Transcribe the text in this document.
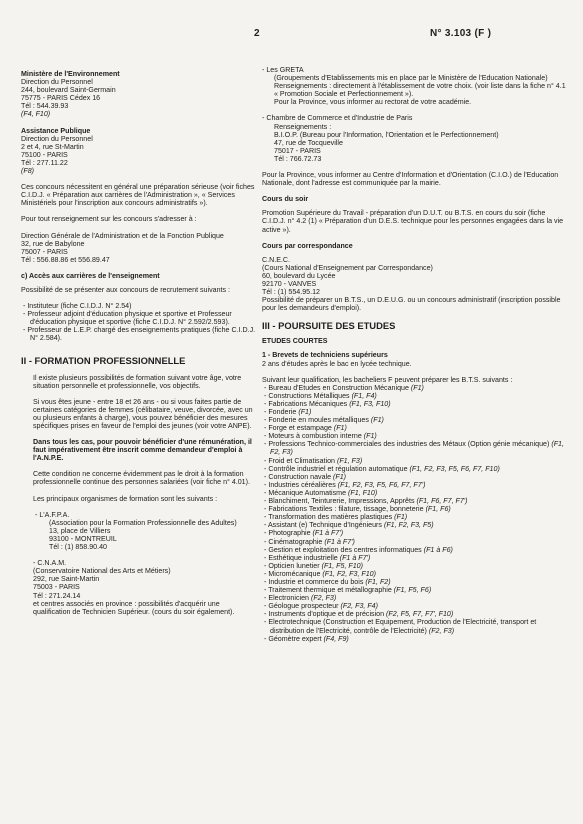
2	N° 3.103 (F )
Ministère de l'Environnement
Direction du Personnel
244, boulevard Saint-Germain
75775 - PARIS Cédex 16
Tél : 544.39.93
(F4, F10)
Assistance Publique
Direction du Personnel
2 et 4, rue St-Martin
75100 - PARIS
Tél : 277.11.22
(F8)

Ces concours nécessitent en général une préparation sérieuse (voir fiches C.I.D.J. « Préparation aux carrières de l'Administration », « Services Ministériels pour l'inscription aux concours administratifs »).

Pour tout renseignement sur les concours s'adresser à :

Direction Générale de l'Administration et de la Fonction Publique
32, rue de Babylone
75007 - PARIS
Tél : 556.88.86 et 556.89.47
c) Accès aux carrières de l'enseignement

Possibilité de se présenter aux concours de recrutement suivants :

- Instituteur (fiche C.I.D.J. N° 2.54)
- Professeur adjoint d'éducation physique et sportive et Professeur d'éducation physique et sportive (fiche C.I.D.J. N° 2.592/2.593).
- Professeur de L.E.P. chargé des enseignements pratiques (fiche C.I.D.J. N° 2.584).
II - FORMATION PROFESSIONNELLE

Il existe plusieurs possibilités de formation suivant votre âge, votre situation personnelle et professionnelle, vos objectifs.

Si vous êtes jeune - entre 18 et 26 ans - ou si vous faites partie de certaines catégories de femmes (célibataire, veuve, divorcée, avec un ou plusieurs enfants à charge), vous pouvez bénéficier des mesures spécifiques prises en faveur de l'emploi des jeunes (voir votre ANPE).

Dans tous les cas, pour pouvoir bénéficier d'une rémunération, il faut impérativement être inscrit comme demandeur d'emploi à l'A.N.P.E.

Cette condition ne concerne évidemment pas le droit à la formation professionnelle continue des personnes salariées (voir fiche n° 4.01).

Les principaux organismes de formation sont les suivants :

- L'A.F.P.A.
(Association pour la Formation Professionnelle des Adultes)
13, place de Villiers
93100 - MONTREUIL
Tél : (1) 858.90.40
- C.N.A.M.
(Conservatoire National des Arts et Métiers)
292, rue Saint-Martin
75003 - PARIS
Tél : 271.24.14
et centres associés en province : possibilités d'acquérir une qualification de Technicien Supérieur. (cours du soir également).
- Les GRETA
(Groupements d'Etablissements mis en place par le Ministère de l'Education Nationale) Renseignements : directement à l'établissement de votre choix. (voir liste dans la fiche n° 4.1 « Promotion Sociale et Perfectionnement »).
Pour la Province, vous informer au rectorat de votre académie.
- Chambre de Commerce et d'Industrie de Paris
Renseignements :
B.I.O.P. (Bureau pour l'Information, l'Orientation et le Perfectionnement)
47, rue de Tocqueville
75017 - PARIS
Tél : 766.72.73

Pour la Province, vous informer au Centre d'Information et d'Orientation (C.I.O.) de l'Education Nationale, dont l'adresse est communiquée par la mairie.

Cours du soir

Promotion Supérieure du Travail - préparation d'un D.U.T. ou B.T.S. en cours du soir (fiche C.I.D.J. n° 4.2 (1) « Préparation d'un D.E.S. technique pour les personnes engagées dans la vie active »).

Cours par correspondance
C.N.E.C.
(Cours National d'Enseignement par Correspondance)
60, boulevard du Lycée
92170 - VANVES
Tél : (1) 554.95.12
Possibilité de préparer un B.T.S., un D.E.U.G. ou un concours administratif (inscription possible pour les demandeurs d'emploi).
III - POURSUITE DES ETUDES
ETUDES COURTES
1 - Brevets de techniciens supérieurs

2 ans d'études après le bac en lycée technique.

Suivant leur qualification, les bacheliers F peuvent préparer les B.T.S. suivants :

- Bureau d'Etudes en Construction Mécanique (F1)
- Constructions Métalliques (F1, F4)
- Fabrications Mécaniques (F1, F3, F10)
- Fonderie (F1)
- Fonderie en moules métalliques (F1)
- Forge et estampage (F1)
- Moteurs à combustion interne (F1)
- Professions Technico-commerciales des industries des Métaux (Option génie mécanique) (F1, F2, F3)
- Froid et Climatisation (F1, F3)
- Contrôle industriel et régulation automatique (F1, F2, F3, F5, F6, F7, F10)
- Construction navale (F1)
- Industries céréalières (F1, F2, F3, F5, F6, F7, F7')
- Mécanique Automatisme (F1, F10)
- Blanchiment, Teinturerie, Impressions, Apprêts (F1, F6, F7, F7')
- Fabrications Textiles : filature, tissage, bonneterie (F1, F6)
- Transformation des matières plastiques (F1)
- Assistant (e) Technique d'Ingénieurs (F1, F2, F3, F5)
- Photographie (F1 à F7')
- Cinématographie (F1 à F7')
- Gestion et exploitation des centres informatiques (F1 à F6)
- Esthétique industrielle (F1 à F7')
- Opticien lunetier (F1, F5, F10)
- Micromécanique (F1, F2, F3, F10)
- Industrie et commerce du bois (F1, F2)
- Traitement thermique et métallographie (F1, F5, F6)
- Electronicien (F2, F3)
- Géologue prospecteur (F2, F3, F4)
- Instruments d'optique et de précision (F2, F5, F7, F7', F10)
- Electrotechnique (Construction et Equipement, Production de l'Electricité, transport et distribution de l'Electricité, contrôle de l'Electricité) (F2, F3)
- Géomètre expert (F4, F9)
